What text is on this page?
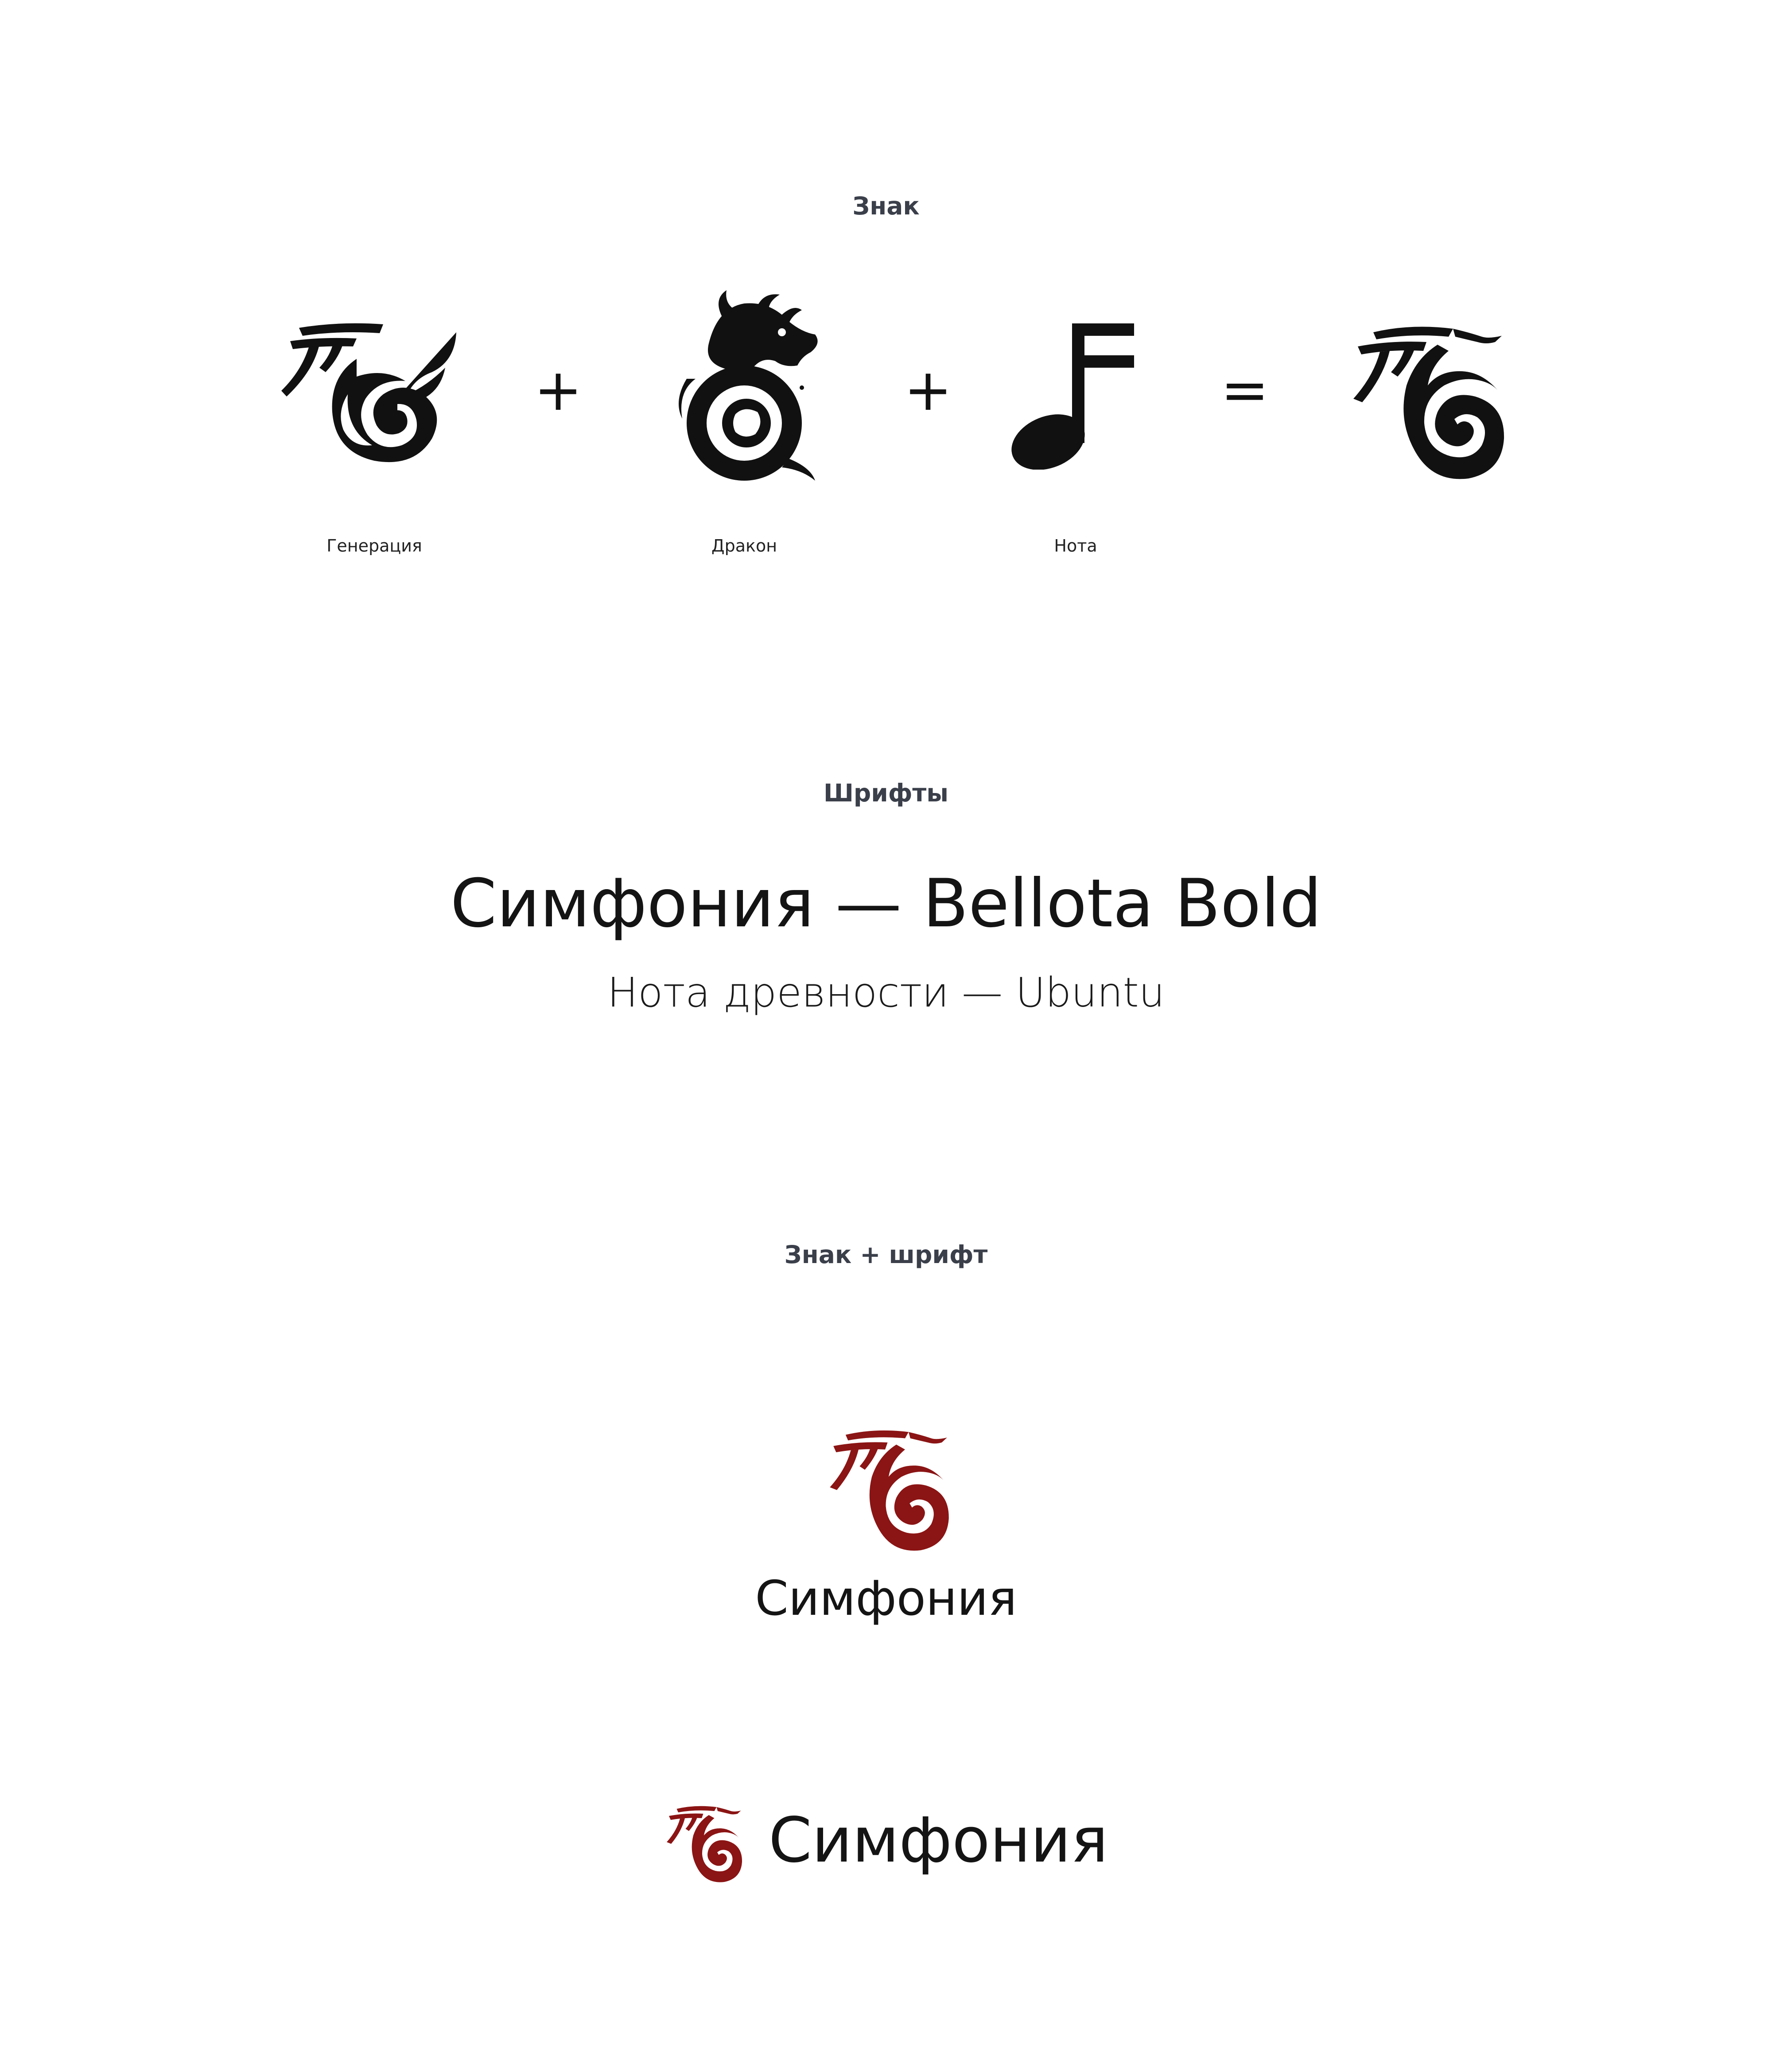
Знак
Генерация
+
Дракон
+
Нота
=
Шрифты
Симфония — Bellota Bold
Нота древности — Ubuntu
Знак + шрифт
Симфония
Симфония
